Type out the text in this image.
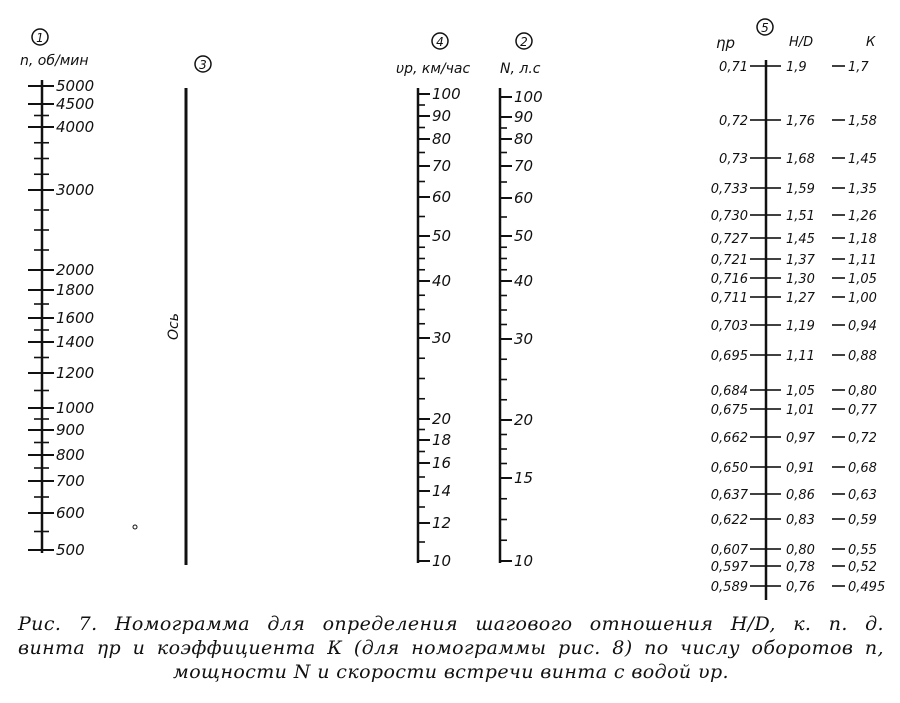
1
n, об/мин
5000
4500
4000
3000
2000
1800
1600
1400
1200
1000
900
800
700
600
500
3
Ось
4
υp, км/час
100
90
80
70
60
50
40
30
20
18
16
14
12
10
2
N, л.с
100
90
80
70
60
50
40
30
20
15
10
5
ηр	H/D	К
0,71	1,9	1,7
0,72	1,76	1,58
0,73	1,68	1,45
0,733	1,59	1,35
0,730	1,51	1,26
0,727	1,45	1,18
0,721	1,37	1,11
0,716	1,30	1,05
0,711	1,27	1,00
0,703	1,19	0,94
0,695	1,11	0,88
0,684	1,05	0,80
0,675	1,01	0,77
0,662	0,97	0,72
0,650	0,91	0,68
0,637	0,86	0,63
0,622	0,83	0,59
0,607	0,80	0,55
0,597	0,78	0,52
0,589	0,76	0,495
Рис. 7. Номограмма для определения шагового отношения H/D, к. п. д.
винта ηр и коэффициента К (для номограммы рис. 8) по числу оборотов n,
мощности N и скорости встречи винта с водой υр.
